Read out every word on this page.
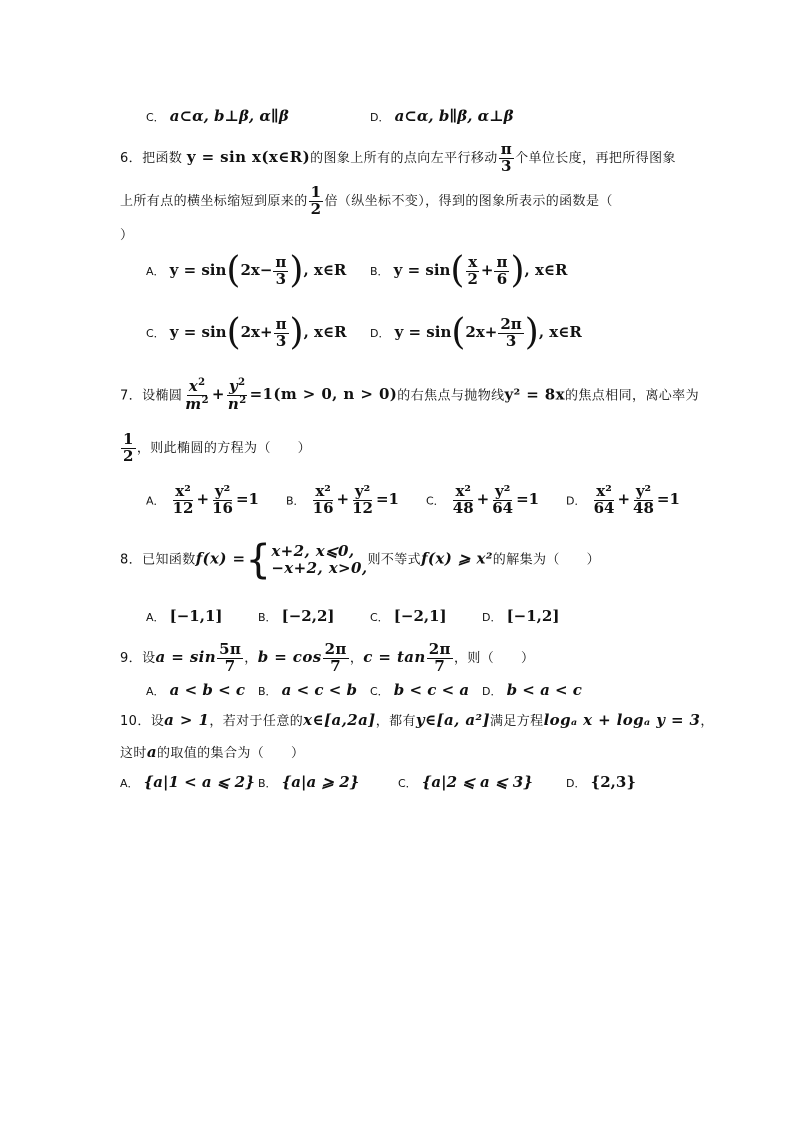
C． a⊂α, b⊥β, α∥β	D． a⊂α, b∥β, α⊥β
6．把函数 y = sin x(x∈R)的图象上所有的点向左平行移动 $\frac{\pi}{3}$ 个单位长度，再把所得图象
上所有点的横坐标缩短到原来的 $\frac{1}{2}$ 倍（纵坐标不变），得到的图象所表示的函数是（
）
A． $y = \sin(2x- \frac{\pi}{3}$ ), x∈R B． $y = \sin( \frac{x}{2} + \frac{\pi}{6}$ ), x∈R
C． $y = \sin(2x+ \frac{\pi}{3}$ ), x∈R D． $y = \sin(2x+ \frac{2\pi}{3}$ ), x∈R
7．设椭圆 $\frac{x^2}{m^2} + \frac{y^2}{n^2} =1(m > 0$, n > 0)的右焦点与抛物线y² = 8x的焦点相同，离心率为
$\frac{1}{2}$ ，则此椭圆的方程为（　　）
A． $\frac{\text{x²}}{12} + \frac{\text{y²}}{16} =1$ B． $\frac{\text{x²}}{16} + \frac{\text{y²}}{12} =1$ C． $\frac{\text{x²}}{48} + \frac{\text{y²}}{64} =1$ D． $\frac{\text{x²}}{64} + \frac{\text{y²}}{48} =1$
8．已知函数f(x) ={ x+2, x⩽0,
−x+2, x>0, 则不等式f(x) ⩾ x²的解集为（　　）
A． [−1,1]	B． [−2,2]	C． [−2,1]	D． [−1,2]
9．设$a = \sin \frac{5\pi}{7}$ ，$b = \cos \frac{2\pi}{7}$ ，$c = \tan \frac{2\pi}{7}$ ，则（　　）
A． a < b < c B． a < c < b C． b < c < a D． b < a < c
10．设a > 1，若对于任意的x∈[a,2a]，都有y∈[a, a²]满足方程logₐ x + logₐ y = 3，
这时a的取值的集合为（　　）
A． {a|1 < a ⩽ 2} B． {a|a ⩾ 2}	C． {a|2 ⩽ a ⩽ 3}	D． {2,3}
